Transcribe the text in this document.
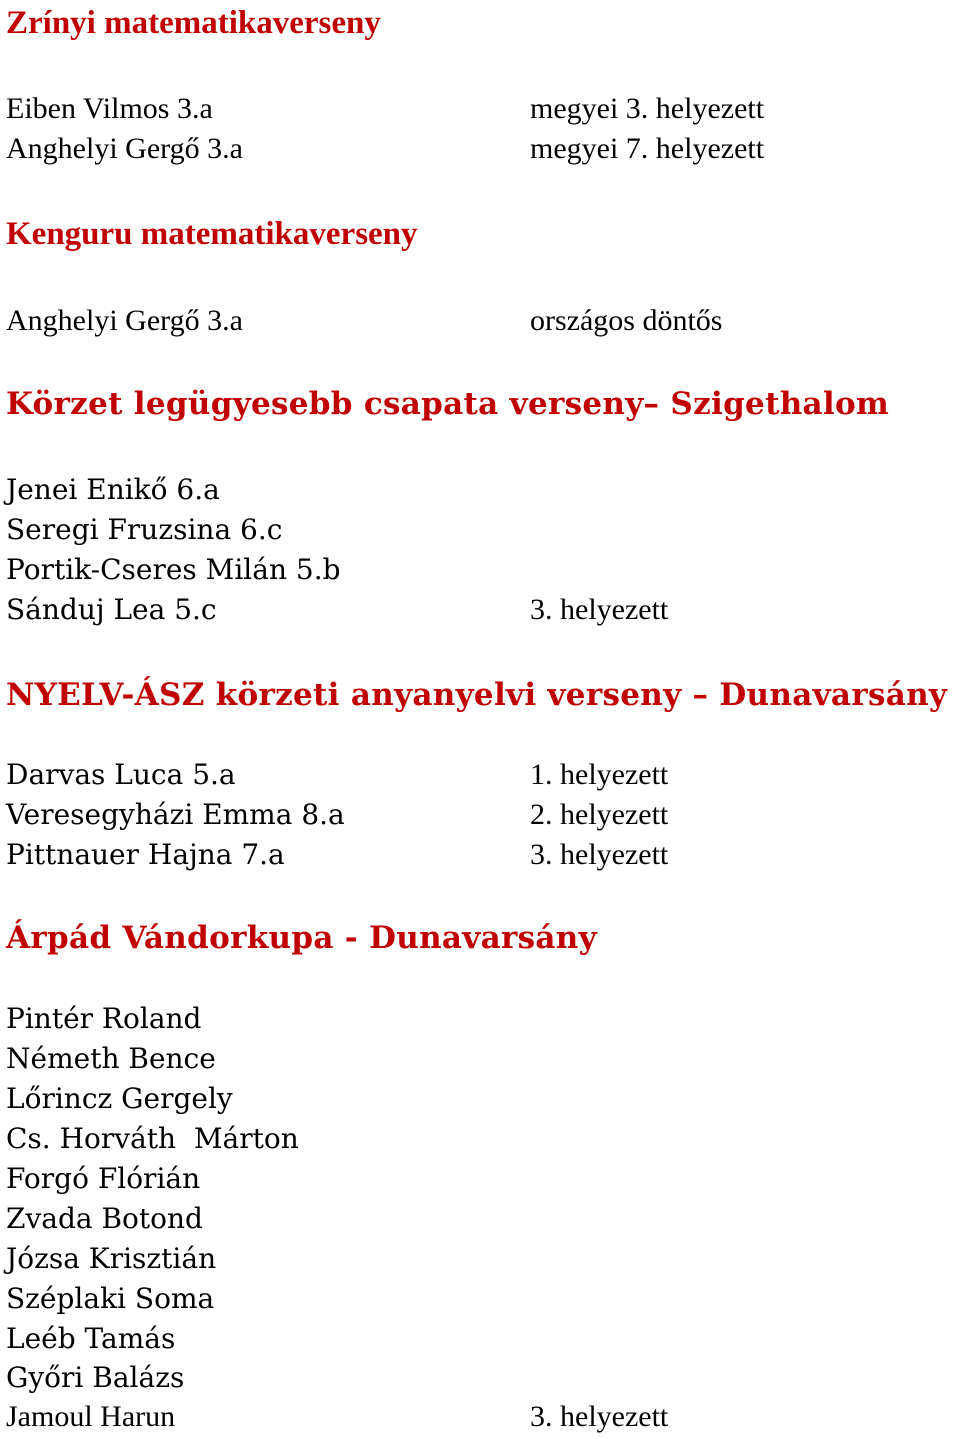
Zrínyi matematikaverseny
Eiben Vilmos 3.a	megyei 3. helyezett
Anghelyi Gergő 3.a	megyei 7. helyezett
Kenguru matematikaverseny
Anghelyi Gergő 3.a	országos döntős
Körzet legügyesebb csapata verseny– Szigethalom
Jenei Enikő 6.a
Seregi Fruzsina 6.c
Portik-Cseres Milán 5.b
Sánduj Lea 5.c	3. helyezett
NYELV-ÁSZ körzeti anyanyelvi verseny – Dunavarsány
Darvas Luca 5.a	1. helyezett
Veresegyházi Emma 8.a	2. helyezett
Pittnauer Hajna 7.a	3. helyezett
Árpád Vándorkupa - Dunavarsány
Pintér Roland
Németh Bence
Lőrincz Gergely
Cs. Horváth  Márton
Forgó Flórián
Zvada Botond
Józsa Krisztián
Széplaki Soma
Leéb Tamás
Győri Balázs
Jamoul Harun	3. helyezett
